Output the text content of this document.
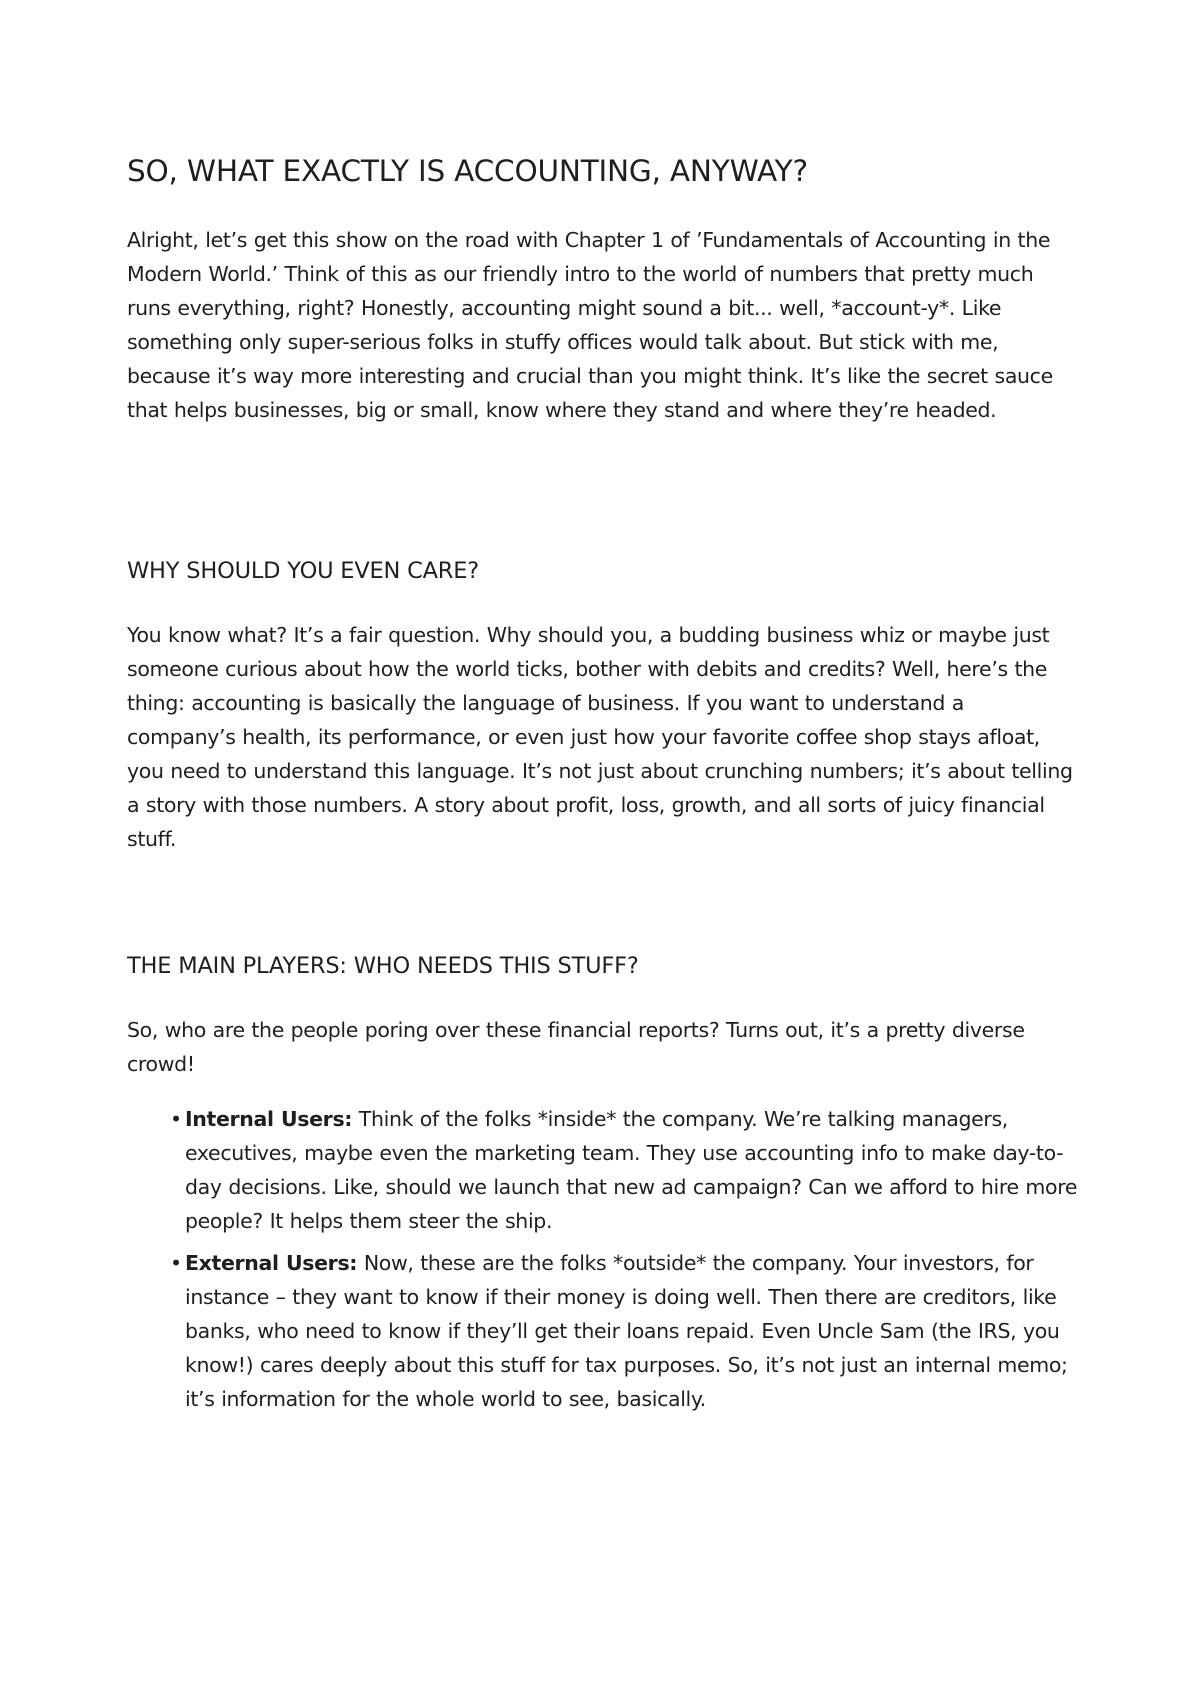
SO, WHAT EXACTLY IS ACCOUNTING, ANYWAY?

Alright, let’s get this show on the road with Chapter 1 of ’Fundamentals of Accounting in the Modern World.’ Think of this as our friendly intro to the world of numbers that pretty much runs everything, right? Honestly, accounting might sound a bit... well, *account-y*. Like something only super-serious folks in stuffy offices would talk about. But stick with me, because it’s way more interesting and crucial than you might think. It’s like the secret sauce that helps businesses, big or small, know where they stand and where they’re headed.

WHY SHOULD YOU EVEN CARE?

You know what? It’s a fair question. Why should you, a budding business whiz or maybe just someone curious about how the world ticks, bother with debits and credits? Well, here’s the thing: accounting is basically the language of business. If you want to understand a company’s health, its performance, or even just how your favorite coffee shop stays afloat, you need to understand this language. It’s not just about crunching numbers; it’s about telling a story with those numbers. A story about profit, loss, growth, and all sorts of juicy financial stuff.

THE MAIN PLAYERS: WHO NEEDS THIS STUFF?

So, who are the people poring over these financial reports? Turns out, it’s a pretty diverse crowd!

• Internal Users: Think of the folks *inside* the company. We’re talking managers, executives, maybe even the marketing team. They use accounting info to make day-to-day decisions. Like, should we launch that new ad campaign? Can we afford to hire more people? It helps them steer the ship.
• External Users: Now, these are the folks *outside* the company. Your investors, for instance – they want to know if their money is doing well. Then there are creditors, like banks, who need to know if they’ll get their loans repaid. Even Uncle Sam (the IRS, you know!) cares deeply about this stuff for tax purposes. So, it’s not just an internal memo; it’s information for the whole world to see, basically.
